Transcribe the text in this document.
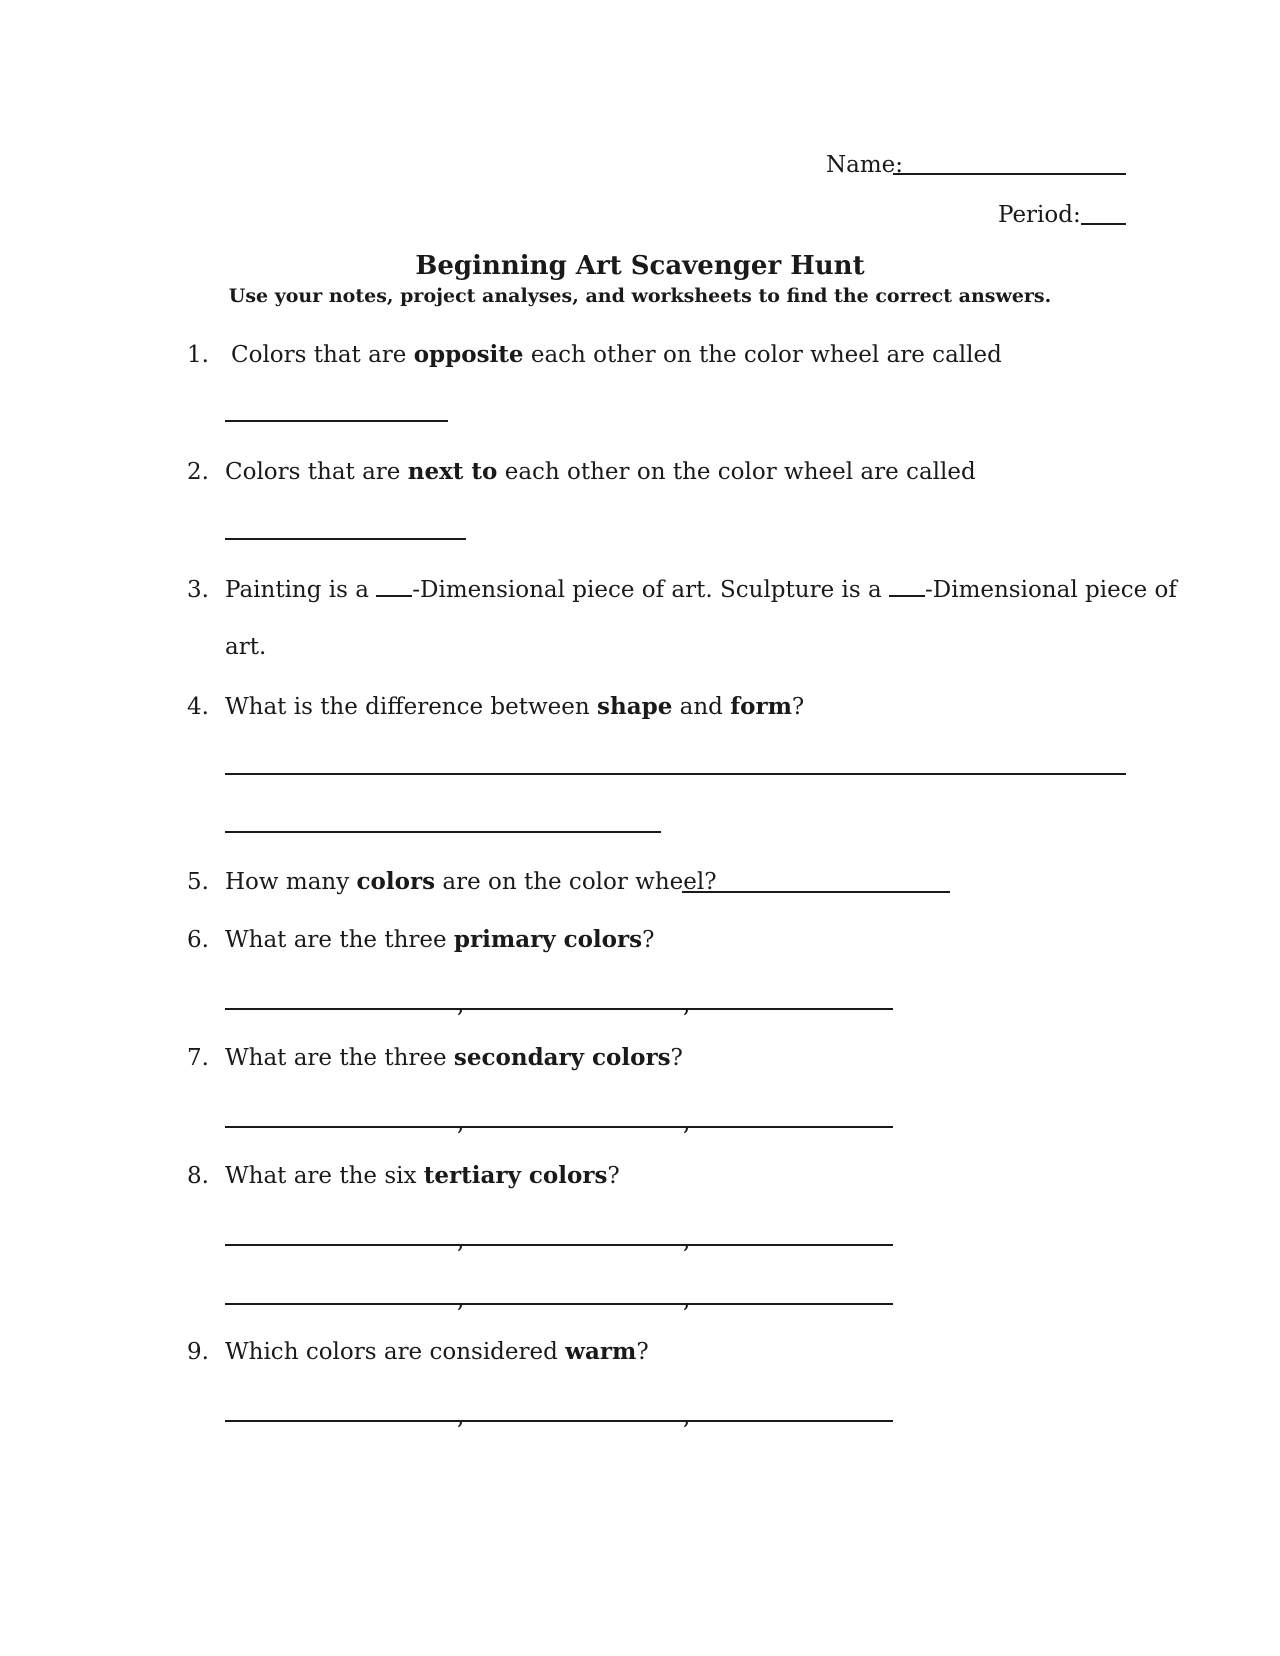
Name:
Period:
Beginning Art Scavenger Hunt
Use your notes, project analyses, and worksheets to find the correct answers.
1. Colors that are opposite each other on the color wheel are called
2. Colors that are next to each other on the color wheel are called
3. Painting is a -Dimensional piece of art. Sculpture is a -Dimensional piece of
art.
4. What is the difference between shape and form?
5. How many colors are on the color wheel?
6. What are the three primary colors?
,	,
7. What are the three secondary colors?
,	,
8. What are the six tertiary colors?
,	,
,	,
9. Which colors are considered warm?
,	,
